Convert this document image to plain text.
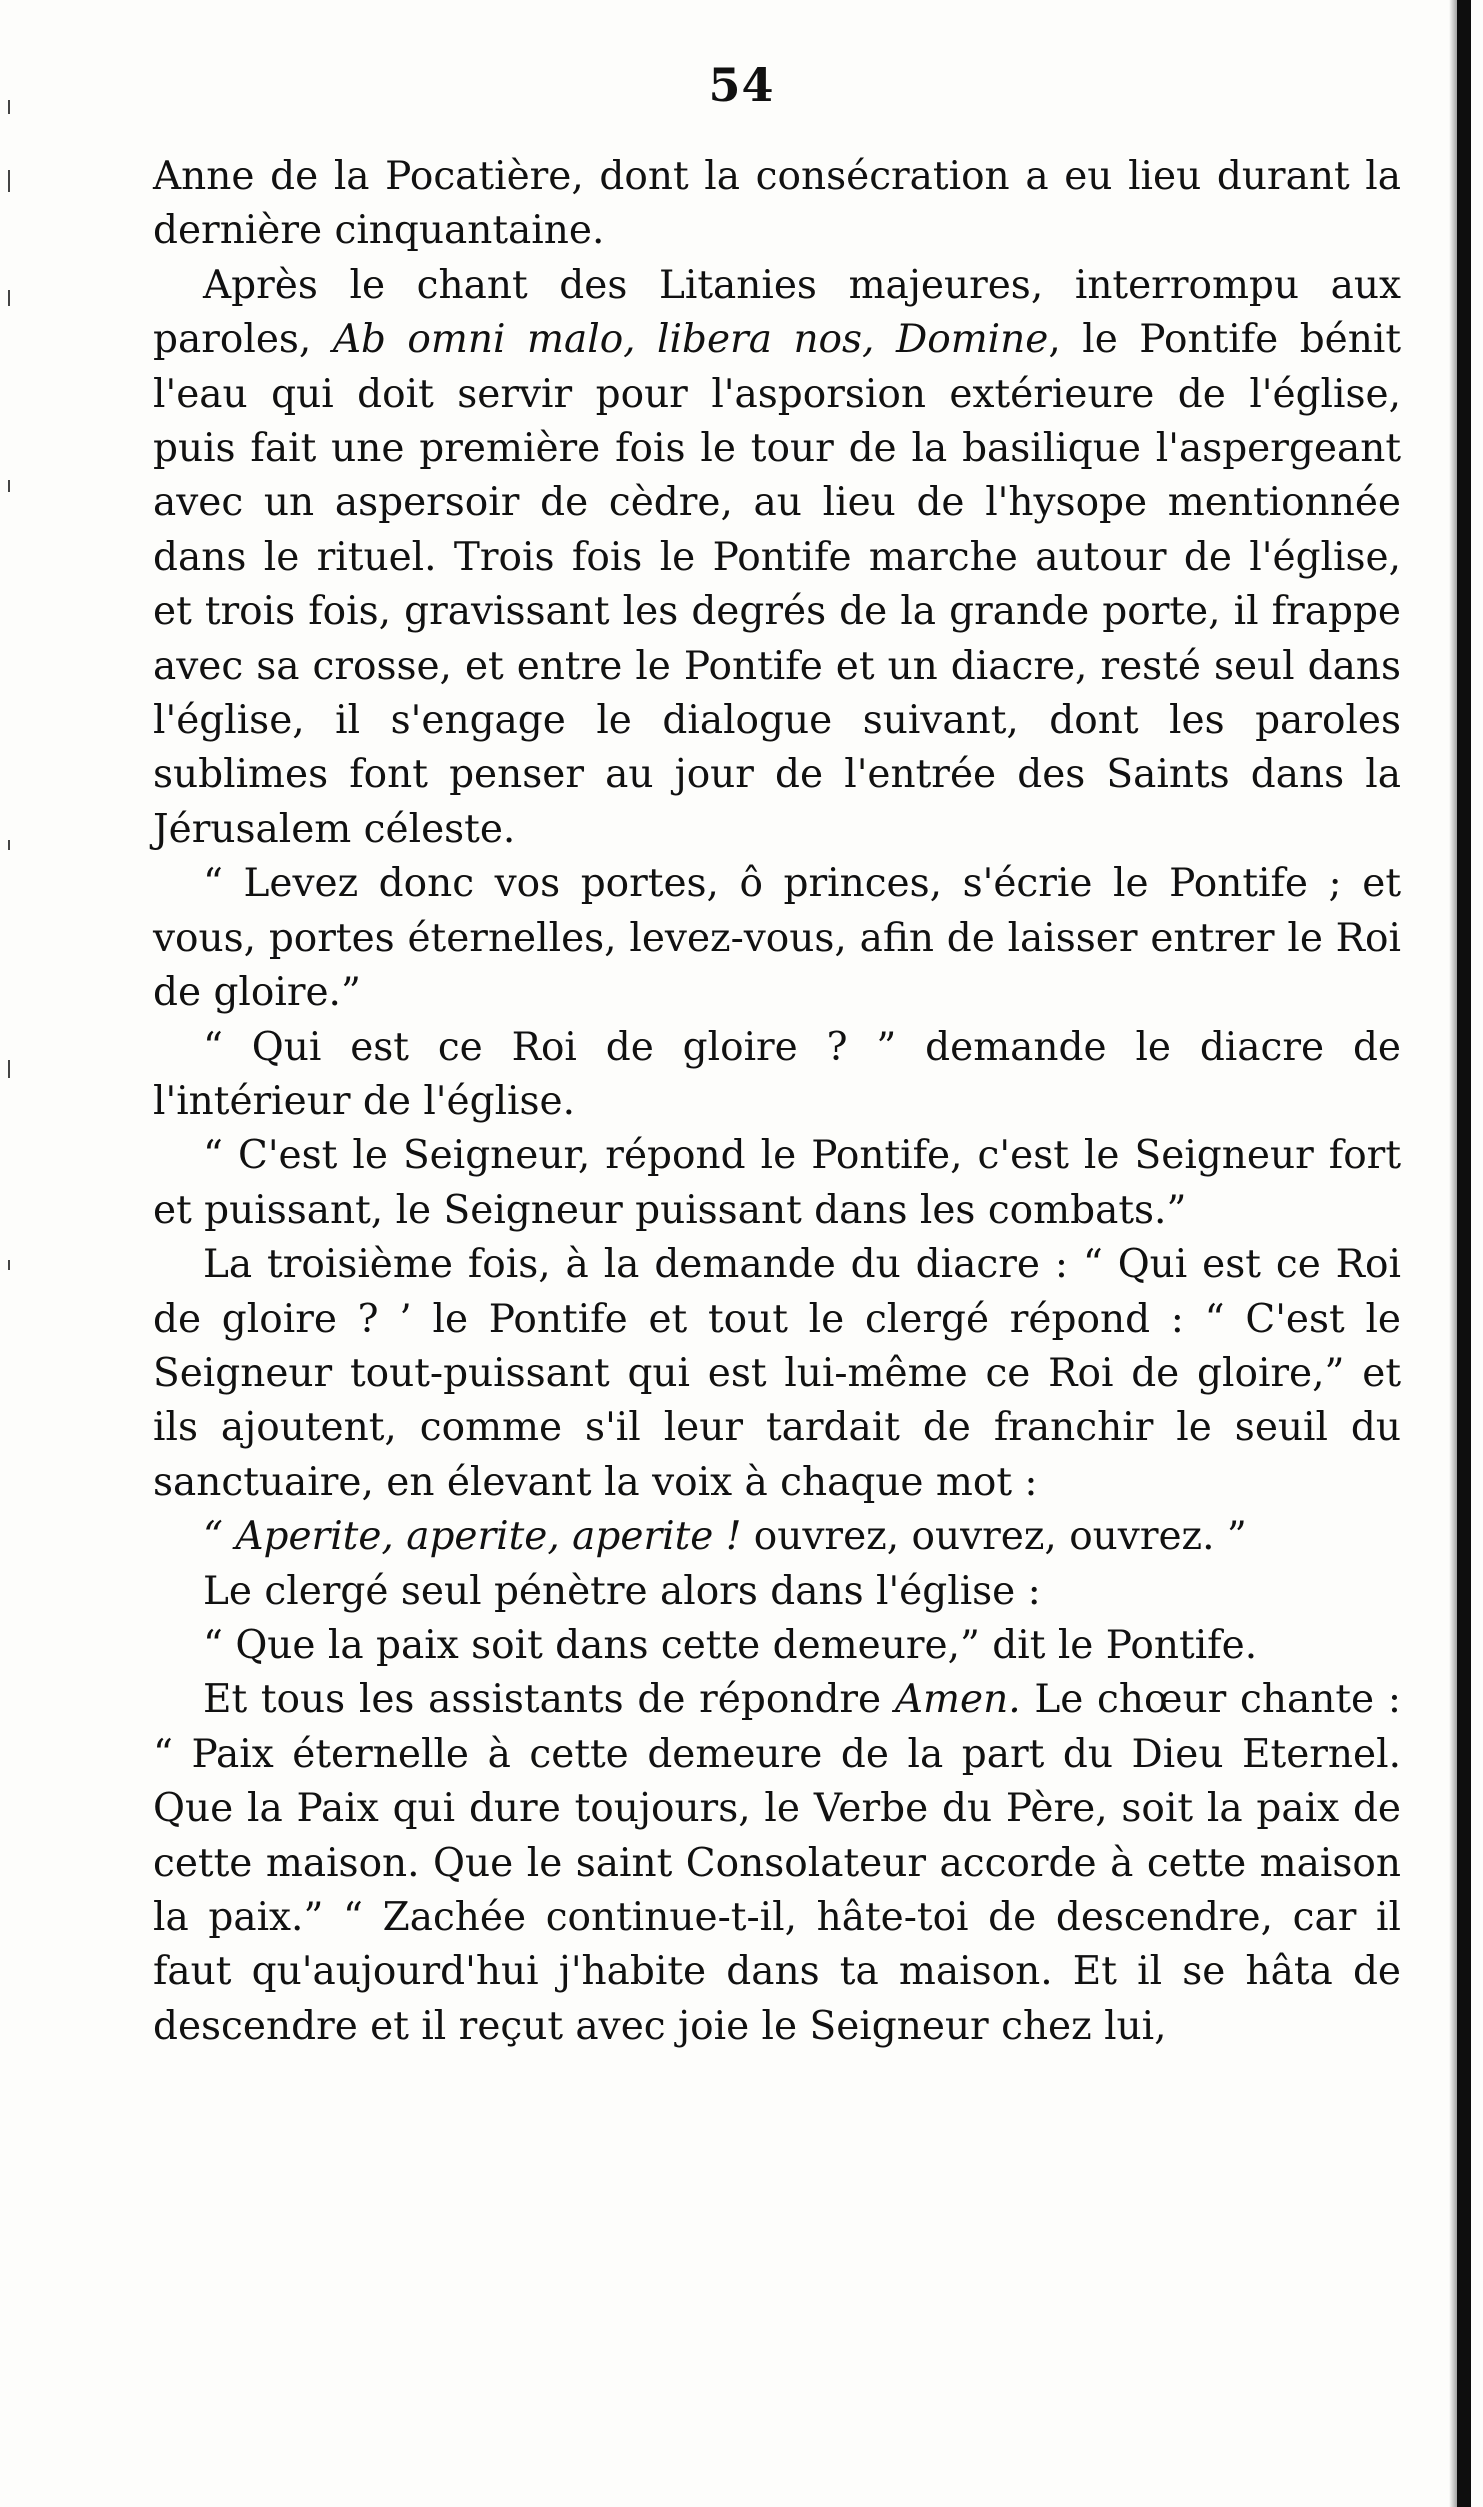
54

Anne de la Pocatière, dont la consécration a eu lieu durant la dernière cinquantaine.

Après le chant des Litanies majeures, interrompu aux paroles, Ab omni malo, libera nos, Domine, le Pontife bénit l'eau qui doit servir pour l'asporsion extérieure de l'église, puis fait une première fois le tour de la basilique l'aspergeant avec un aspersoir de cèdre, au lieu de l'hysope mentionnée dans le rituel. Trois fois le Pontife marche autour de l'église, et trois fois, gravissant les degrés de la grande porte, il frappe avec sa crosse, et entre le Pontife et un diacre, resté seul dans l'église, il s'engage le dialogue suivant, dont les paroles sublimes font penser au jour de l'entrée des Saints dans la Jérusalem céleste.

“ Levez donc vos portes, ô princes, s'écrie le Pontife ; et vous, portes éternelles, levez-vous, afin de laisser entrer le Roi de gloire.”

“ Qui est ce Roi de gloire ? ” demande le diacre de l'intérieur de l'église.

“ C'est le Seigneur, répond le Pontife, c'est le Seigneur fort et puissant, le Seigneur puissant dans les combats.”

La troisième fois, à la demande du diacre : “ Qui est ce Roi de gloire ? ’ le Pontife et tout le clergé répond : “ C'est le Seigneur tout-puissant qui est lui-même ce Roi de gloire,” et ils ajoutent, comme s'il leur tardait de franchir le seuil du sanctuaire, en élevant la voix à chaque mot :

“ Aperite, aperite, aperite ! ouvrez, ouvrez, ouvrez. ”

Le clergé seul pénètre alors dans l'église :

“ Que la paix soit dans cette demeure,” dit le Pontife.

Et tous les assistants de répondre Amen. Le chœur chante : “ Paix éternelle à cette demeure de la part du Dieu Eternel. Que la Paix qui dure toujours, le Verbe du Père, soit la paix de cette maison. Que le saint Consolateur accorde à cette maison la paix.” “ Zachée continue-t-il, hâte-toi de descendre, car il faut qu'aujourd'hui j'habite dans ta maison. Et il se hâta de descendre et il reçut avec joie le Seigneur chez lui,
